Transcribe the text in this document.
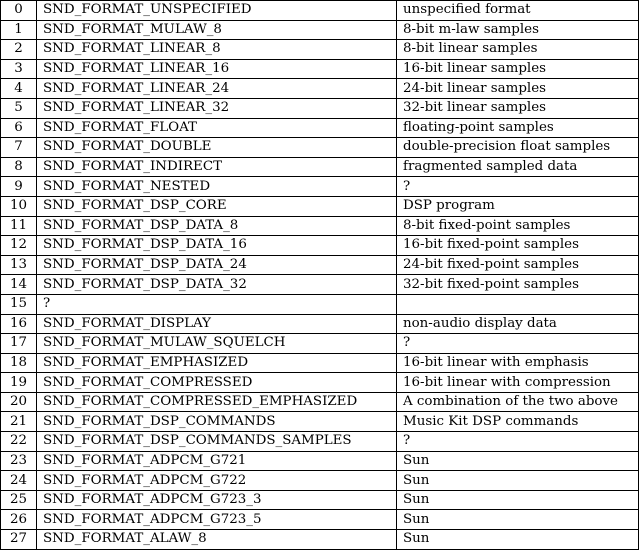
0	SND_FORMAT_UNSPECIFIED	unspecified format
1	SND_FORMAT_MULAW_8	8-bit m-law samples
2	SND_FORMAT_LINEAR_8	8-bit linear samples
3	SND_FORMAT_LINEAR_16	16-bit linear samples
4	SND_FORMAT_LINEAR_24	24-bit linear samples
5	SND_FORMAT_LINEAR_32	32-bit linear samples
6	SND_FORMAT_FLOAT	floating-point samples
7	SND_FORMAT_DOUBLE	double-precision float samples
8	SND_FORMAT_INDIRECT	fragmented sampled data
9	SND_FORMAT_NESTED	?
10	SND_FORMAT_DSP_CORE	DSP program
11	SND_FORMAT_DSP_DATA_8	8-bit fixed-point samples
12	SND_FORMAT_DSP_DATA_16	16-bit fixed-point samples
13	SND_FORMAT_DSP_DATA_24	24-bit fixed-point samples
14	SND_FORMAT_DSP_DATA_32	32-bit fixed-point samples
15	?	
16	SND_FORMAT_DISPLAY	non-audio display data
17	SND_FORMAT_MULAW_SQUELCH	?
18	SND_FORMAT_EMPHASIZED	16-bit linear with emphasis
19	SND_FORMAT_COMPRESSED	16-bit linear with compression
20	SND_FORMAT_COMPRESSED_EMPHASIZED	A combination of the two above
21	SND_FORMAT_DSP_COMMANDS	Music Kit DSP commands
22	SND_FORMAT_DSP_COMMANDS_SAMPLES	?
23	SND_FORMAT_ADPCM_G721	Sun
24	SND_FORMAT_ADPCM_G722	Sun
25	SND_FORMAT_ADPCM_G723_3	Sun
26	SND_FORMAT_ADPCM_G723_5	Sun
27	SND_FORMAT_ALAW_8	Sun
